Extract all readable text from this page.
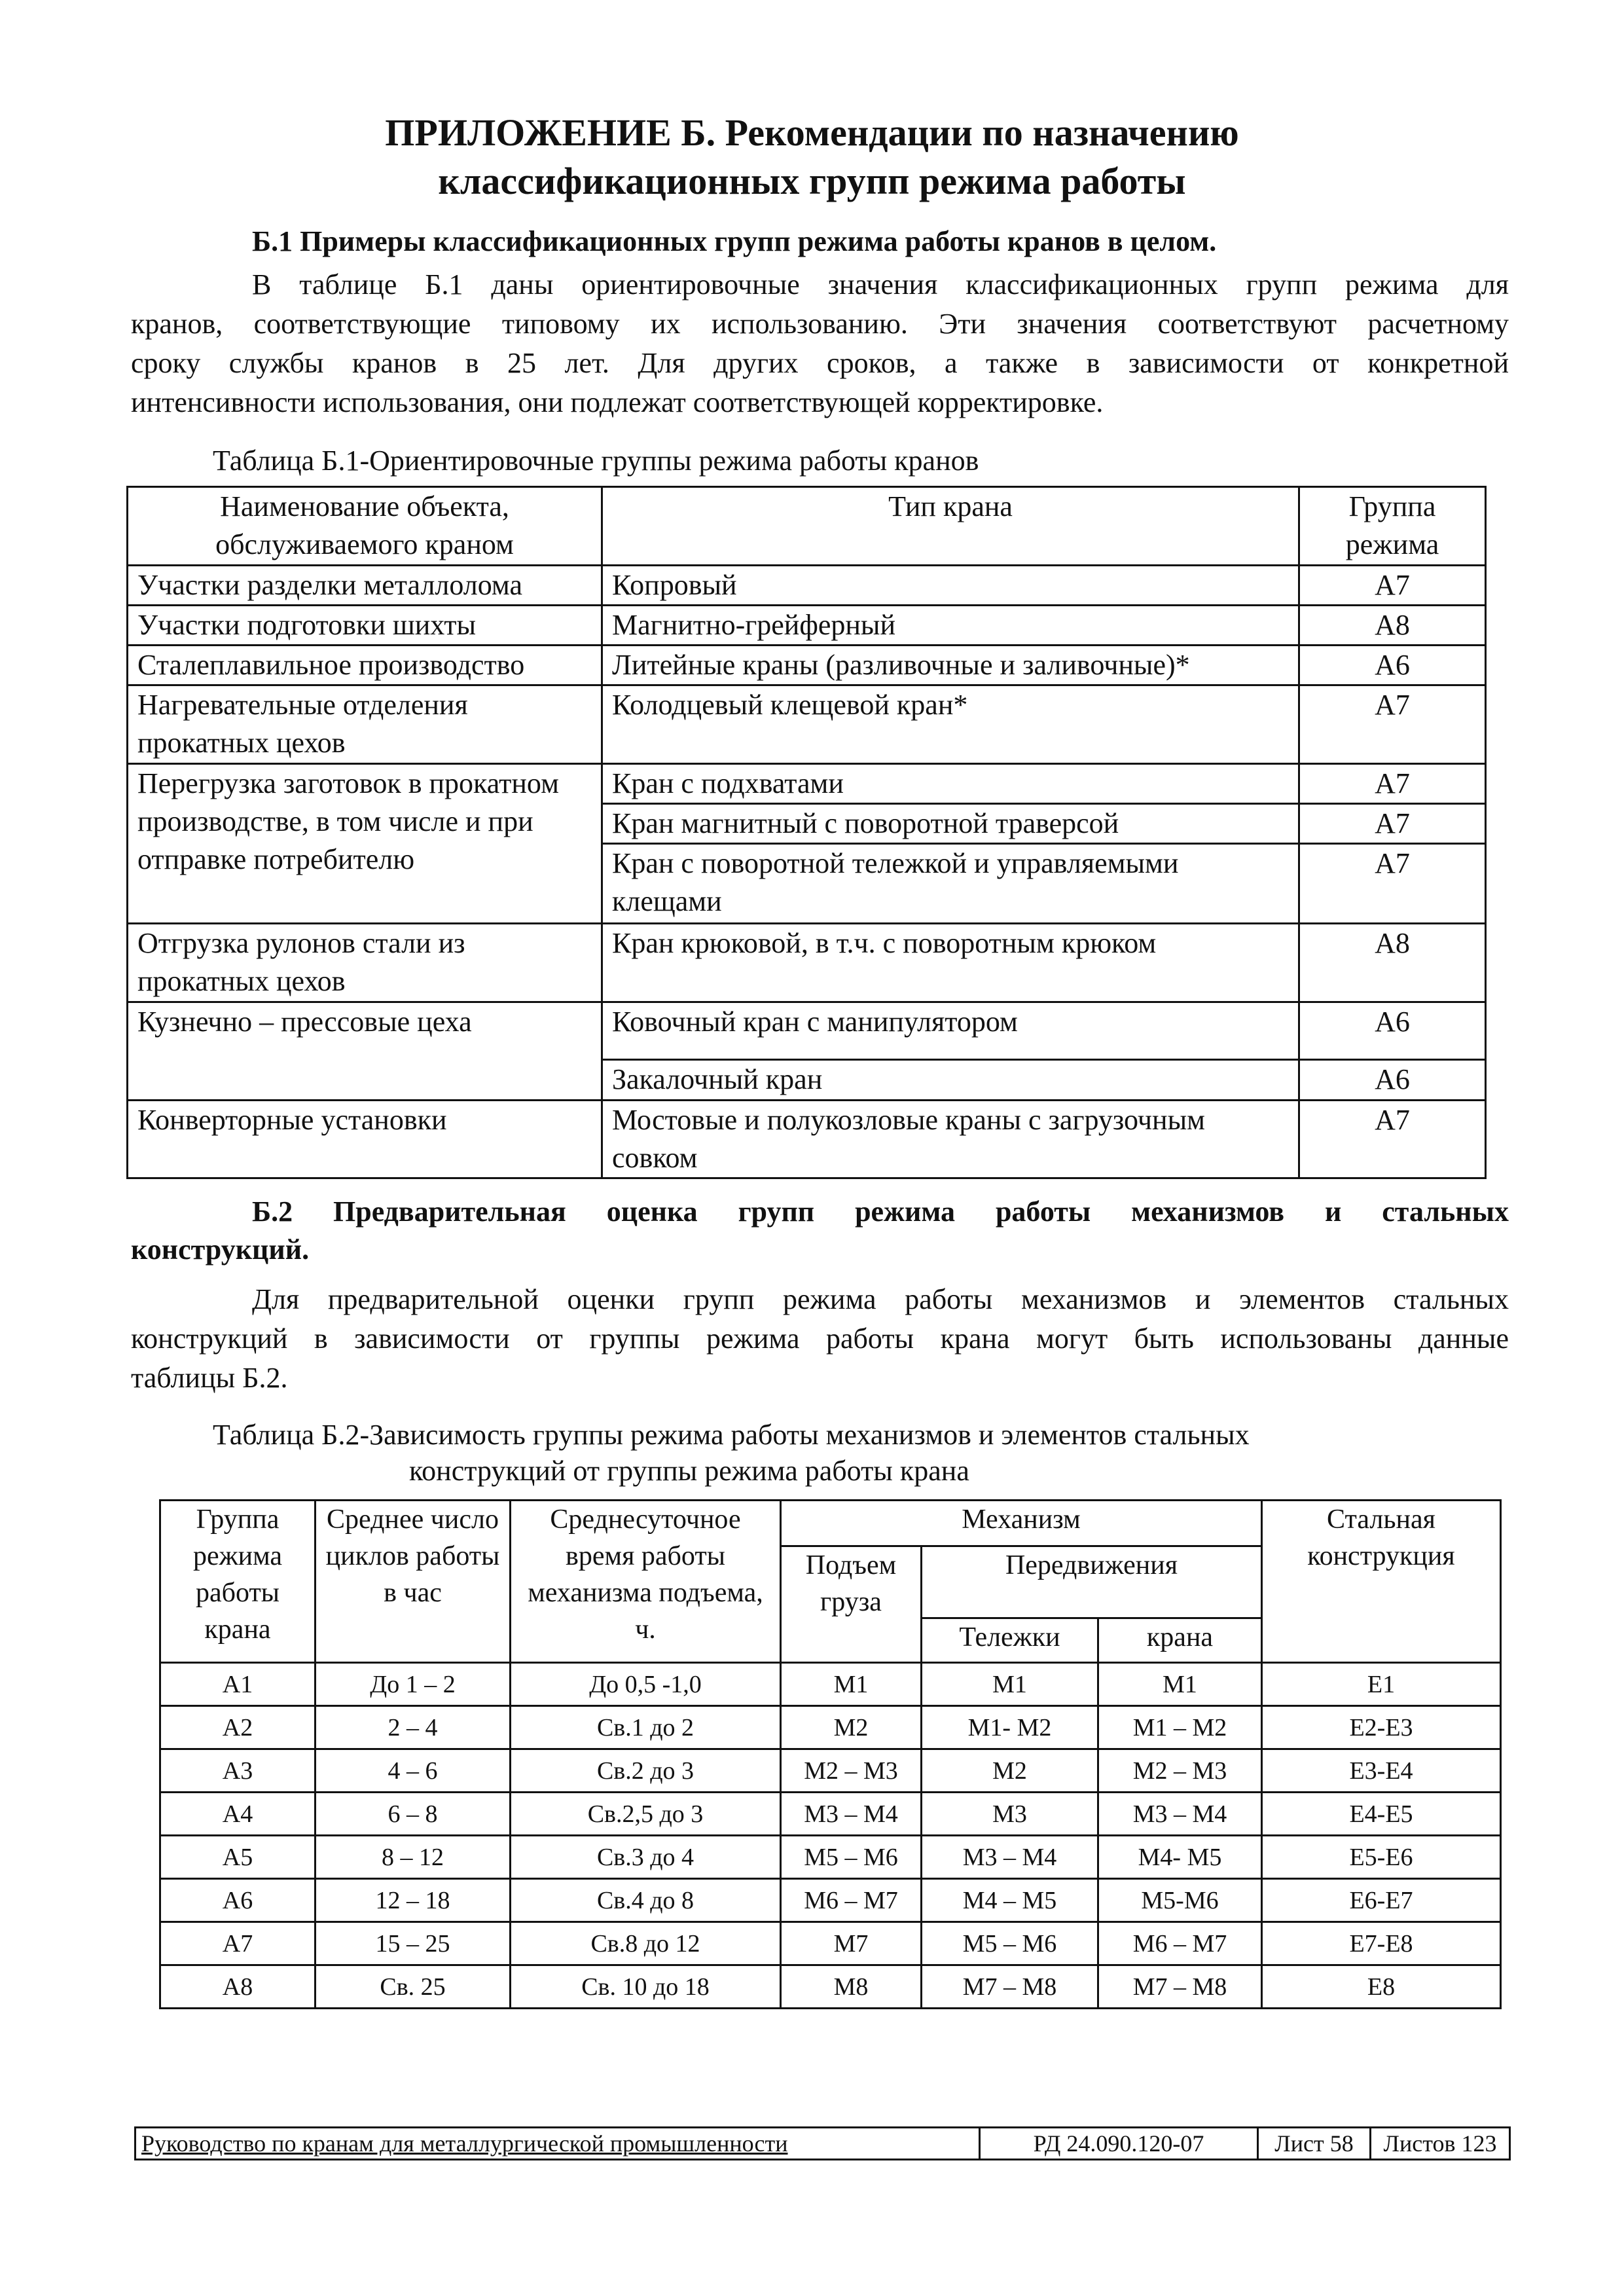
ПРИЛОЖЕНИЕ Б. Рекомендации по назначению
классификационных групп режима работы
Б.1 Примеры классификационных групп режима работы кранов в целом.
В таблице Б.1 даны ориентировочные значения классификационных групп режима для
кранов, соответствующие типовому их использованию. Эти значения соответствуют расчетному
сроку службы кранов в 25 лет. Для других сроков, а также в зависимости от конкретной
интенсивности использования, они подлежат соответствующей корректировке.
Таблица Б.1-Ориентировочные группы режима работы кранов
Наименование объекта, обслуживаемого краном	Тип крана	Группа режима
Участки разделки металлолома	Копровый	А7
Участки подготовки шихты	Магнитно-грейферный	А8
Сталеплавильное производство	Литейные краны (разливочные и заливочные)*	А6
Нагревательные отделения прокатных цехов	Колодцевый клещевой кран*	А7
Перегрузка заготовок в прокатном производстве, в том числе и при отправке потребителю	Кран с подхватами	А7
	Кран магнитный с поворотной траверсой	А7
	Кран с поворотной тележкой и управляемыми клещами	А7
Отгрузка рулонов стали из прокатных цехов	Кран крюковой, в т.ч. с поворотным крюком	А8
Кузнечно – прессовые цеха	Ковочный кран с манипулятором	А6
	Закалочный кран	А6
Конверторные установки	Мостовые и полукозловые краны с загрузочным совком	А7
Б.2 Предварительная оценка групп режима работы механизмов и стальных
конструкций.
Для предварительной оценки групп режима работы механизмов и элементов стальных
конструкций в зависимости от группы режима работы крана могут быть использованы данные
таблицы Б.2.
Таблица Б.2-Зависимость группы режима работы механизмов и элементов стальных
конструкций от группы режима работы крана
Группа режима работы крана	Среднее число циклов работы в час	Среднесуточное время работы механизма подъема, ч.	Механизм			Стальная конструкция
			Подъем груза	Передвижения		
				Тележки	крана	
А1	До 1 – 2	До 0,5 -1,0	М1	М1	М1	Е1
А2	2 – 4	Св.1 до 2	М2	М1- М2	М1 – М2	Е2-Е3
А3	4 – 6	Св.2 до 3	М2 – М3	М2	М2 – М3	Е3-Е4
А4	6 – 8	Св.2,5 до 3	М3 – М4	М3	М3 – М4	Е4-Е5
А5	8 – 12	Св.3 до 4	М5 – М6	М3 – М4	М4- М5	Е5-Е6
А6	12 – 18	Св.4 до 8	М6 – М7	М4 – М5	М5-М6	Е6-Е7
А7	15 – 25	Св.8 до 12	М7	М5 – М6	М6 – М7	Е7-Е8
А8	Св. 25	Св. 10 до 18	М8	М7 – М8	М7 – М8	Е8
Руководство по кранам для металлургической промышленности	РД 24.090.120-07	Лист 58	Листов 123
